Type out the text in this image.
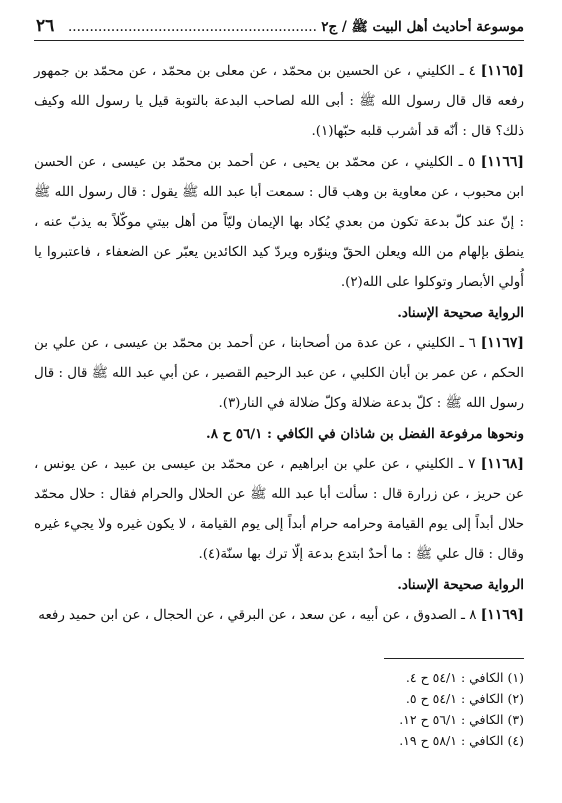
٢٦	موسوعة أحاديث أهل البيت ﷺ / ج٢ .....
[١١٦٥] ٤ ـ الكليني ، عن الحسين بن محمّد ، عن معلى بن محمّد ، عن محمّد بن جمهور رفعه قال قال رسول الله ﷺ : أبى الله لصاحب البدعة بالتوبة قيل يا رسول الله وكيف ذلك؟ قال : أنّه قد أشرب قلبه حبّها(١).
[١١٦٦] ٥ ـ الكليني ، عن محمّد بن يحيى ، عن أحمد بن محمّد بن عيسى ، عن الحسن ابن محبوب ، عن معاوية بن وهب قال : سمعت أبا عبد الله ﷺ يقول : قال رسول الله ﷺ : إنّ عند كلّ بدعة تكون من بعدي يُكاد بها الإيمان وليّاً من أهل بيتي موكّلاً به يذبّ عنه ، ينطق بإلهام من الله ويعلن الحقّ وينوّره ويردّ كيد الكائدين يعبّر عن الضعفاء ، فاعتبروا يا أُولي الأبصار وتوكلوا على الله(٢).
الرواية صحيحة الإسناد.
[١١٦٧] ٦ ـ الكليني ، عن عدة من أصحابنا ، عن أحمد بن محمّد بن عيسى ، عن علي بن الحكم ، عن عمر بن أبان الكلبي ، عن عبد الرحيم القصير ، عن أبي عبد الله ﷺ قال : قال رسول الله ﷺ : كلّ بدعة ضلالة وكلّ ضلالة في النار(٣).
ونحوها مرفوعة الفضل بن شاذان في الكافي : ٥٦/١ ح ٨.
[١١٦٨] ٧ ـ الكليني ، عن علي بن ابراهيم ، عن محمّد بن عيسى بن عبيد ، عن يونس ، عن حريز ، عن زرارة قال : سألت أبا عبد الله ﷺ عن الحلال والحرام فقال : حلال محمّد حلال أبداً إلى يوم القيامة وحرامه حرام أبداً إلى يوم القيامة ، لا يكون غيره ولا يجيء غيره وقال : قال علي ﷺ : ما أحدٌ ابتدع بدعة إلّا ترك بها سنّة(٤).
الرواية صحيحة الإسناد.
[١١٦٩] ٨ ـ الصدوق ، عن أبيه ، عن سعد ، عن البرقي ، عن الحجال ، عن ابن حميد رفعه
(١) الكافي : ٥٤/١ ح ٤.
(٢) الكافي : ٥٤/١ ح ٥.
(٣) الكافي : ٥٦/١ ح ١٢.
(٤) الكافي : ٥٨/١ ح ١٩.
